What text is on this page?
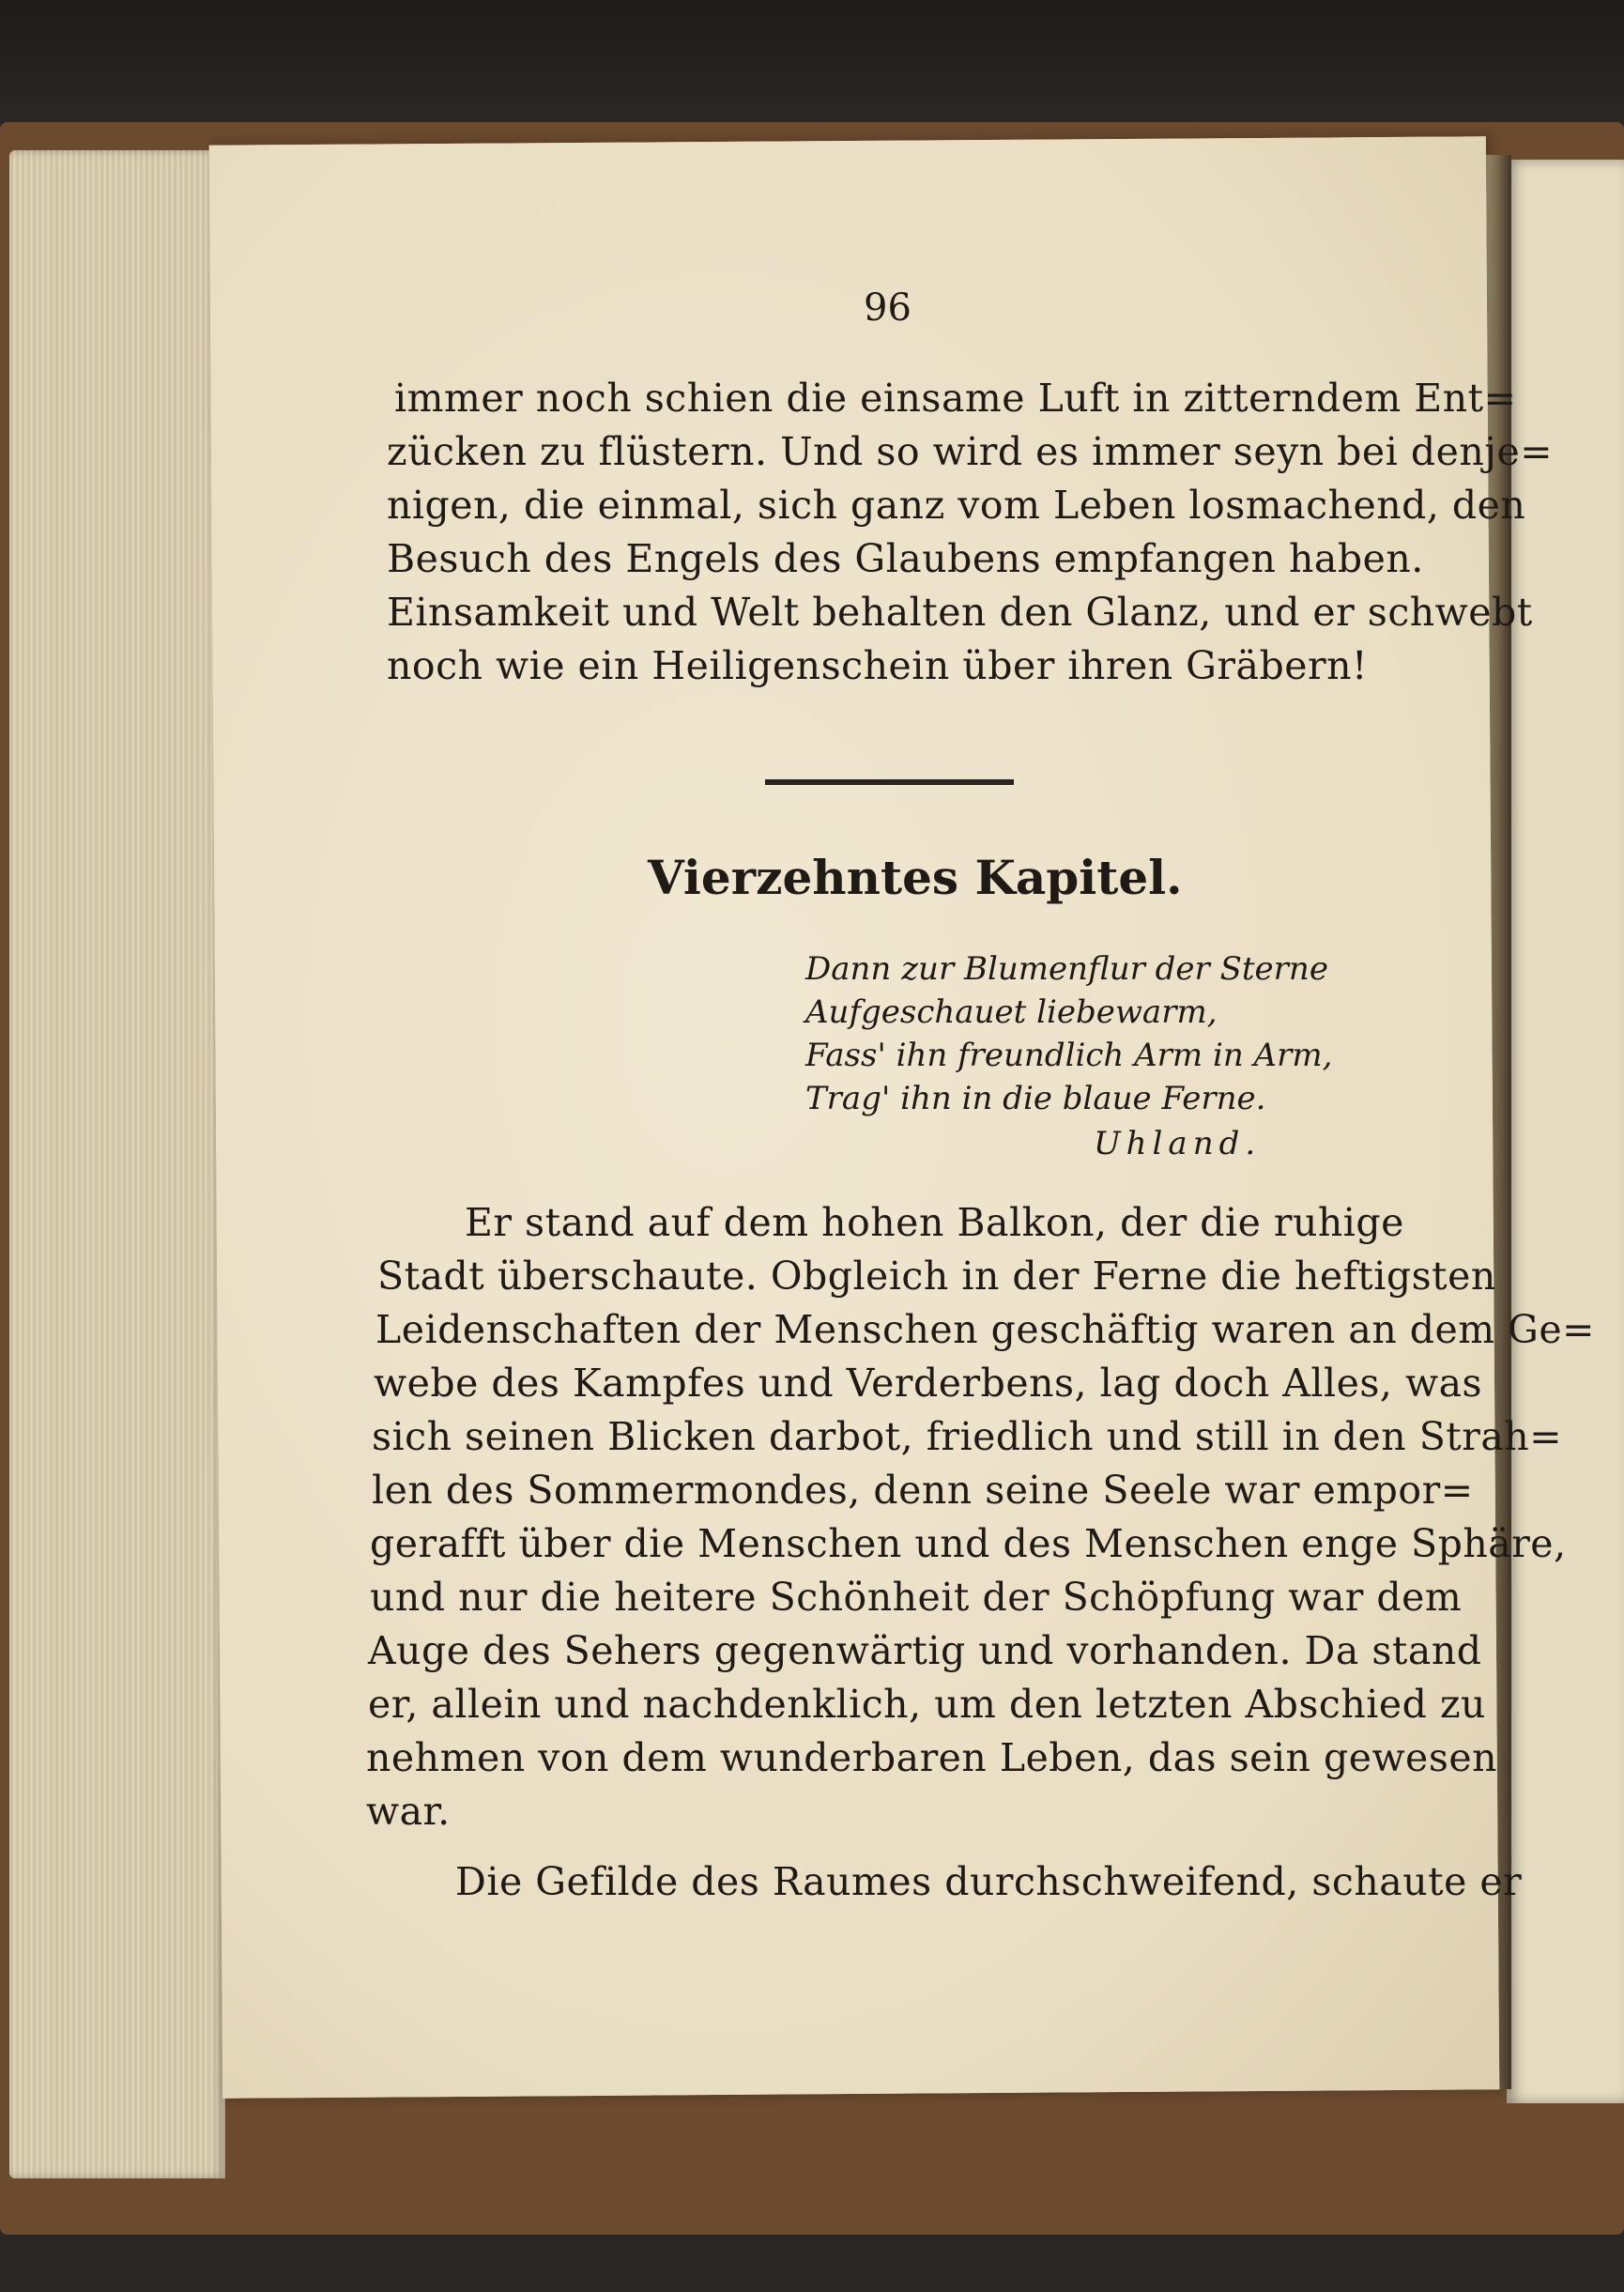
96
immer noch schien die einsame Luft in zitterndem Ent=
zücken zu flüstern. Und so wird es immer seyn bei denje=
nigen, die einmal, sich ganz vom Leben losmachend, den
Besuch des Engels des Glaubens empfangen haben.
Einsamkeit und Welt behalten den Glanz, und er schwebt
noch wie ein Heiligenschein über ihren Gräbern!
Vierzehntes Kapitel.
Dann zur Blumenflur der Sterne
Aufgeschauet liebewarm,
Fass' ihn freundlich Arm in Arm,
Trag' ihn in die blaue Ferne.
Uhland.
Er stand auf dem hohen Balkon, der die ruhige
Stadt überschaute. Obgleich in der Ferne die heftigsten
Leidenschaften der Menschen geschäftig waren an dem Ge=
webe des Kampfes und Verderbens, lag doch Alles, was
sich seinen Blicken darbot, friedlich und still in den Strah=
len des Sommermondes, denn seine Seele war empor=
gerafft über die Menschen und des Menschen enge Sphäre,
und nur die heitere Schönheit der Schöpfung war dem
Auge des Sehers gegenwärtig und vorhanden. Da stand
er, allein und nachdenklich, um den letzten Abschied zu
nehmen von dem wunderbaren Leben, das sein gewesen
war.
Die Gefilde des Raumes durchschweifend, schaute er
